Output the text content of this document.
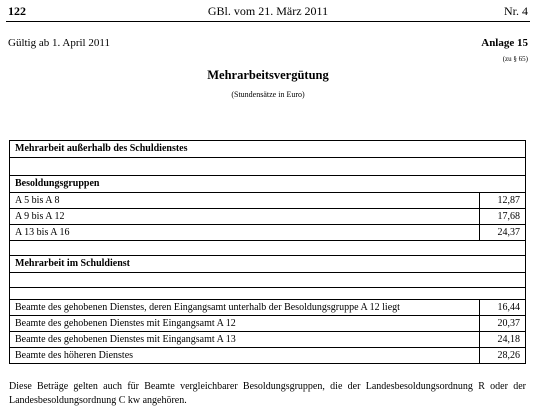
GBl. vom 21. März 2011
122	Nr. 4
Gültig ab 1. April 2011	Anlage 15
(zu § 65)
Mehrarbeitsvergütung
(Stundensätze in Euro)
Mehrarbeit außerhalb des Schuldienstes	

Besoldungsgruppen	
A 5 bis A 8	12,87
A 9 bis A 12	17,68
A 13 bis A 16	24,37

Mehrarbeit im Schuldienst	

Beamte des gehobenen Dienstes, deren Eingangsamt unterhalb der Besoldungsgruppe A 12 liegt	16,44
Beamte des gehobenen Dienstes mit Eingangsamt A 12	20,37
Beamte des gehobenen Dienstes mit Eingangsamt A 13	24,18
Beamte des höheren Dienstes	28,26
Diese Beträge gelten auch für Beamte vergleichbarer Besoldungsgruppen, die der Landesbesoldungsordnung R oder der Landesbesoldungsordnung C kw angehören.
